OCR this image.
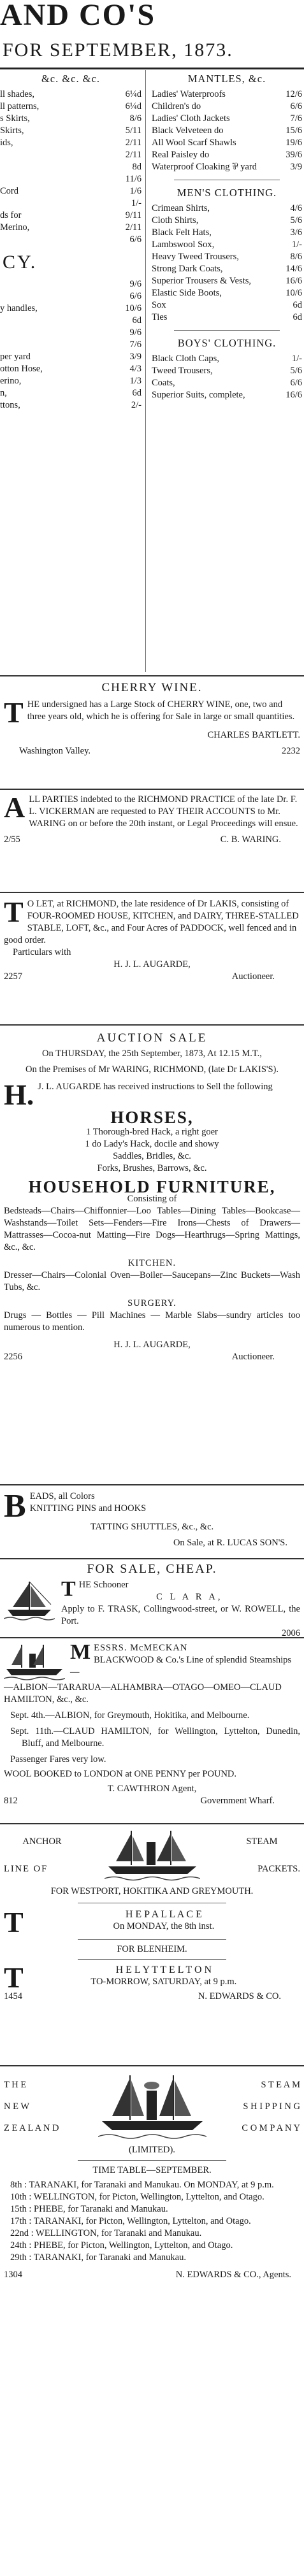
AND CO'S
FOR SEPTEMBER, 1873.
&c. &c. &c.
ll shades,	6¼d
ll patterns,	6¼d
s Skirts,	8/6
Skirts,	5/11
ids,	2/11
2/11
8d
11/6
Cord	1/6
1/-
ds for	9/11
Merino,	2/11
6/6
CY.
9/6
6/6
y handles,	10/6
6d
9/6
7/6
per yard	3/9
otton Hose,	4/3
erino,	1/3
n,	6d
ttons,	2/-
MANTLES, &c.
Ladies' Waterproofs	12/6
Children's do	6/6
Ladies' Cloth Jackets	7/6
Black Velveteen do	15/6
All Wool Scarf Shawls	19/6
Real Paisley do	39/6
Waterproof Cloaking ⅌ yard	3/9
MEN'S CLOTHING.
Crimean Shirts,	4/6
Cloth Shirts,	5/6
Black Felt Hats,	3/6
Lambswool Sox,	1/-
Heavy Tweed Trousers,	8/6
Strong Dark Coats,	14/6
Superior Trousers & Vests,	16/6
Elastic Side Boots,	10/6
Sox	6d
Ties	6d
BOYS' CLOTHING.
Black Cloth Caps,	1/-
Tweed Trousers,	5/6
Coats,	6/6
Superior Suits, complete,	16/6
CHERRY WINE.
T HE undersigned has a Large Stock of CHERRY WINE, one, two and three years old, which he is offering for Sale in large or small quantities.
CHARLES BARTLETT.
Washington Valley.	2232
A LL PARTIES indebted to the RICHMOND PRACTICE of the late Dr. F. L. VICKERMAN are requested to PAY THEIR ACCOUNTS to Mr. WARING on or before the 20th instant, or Legal Proceedings will ensue.
2/55	C. B. WARING.
T O LET, at RICHMOND, the late residence of Dr LAKIS, consisting of FOUR-ROOMED HOUSE, KITCHEN, and DAIRY, THREE-STALLED STABLE, LOFT, &c., and Four Acres of PADDOCK, well fenced and in good order.
Particulars with
H. J. L. AUGARDE,
2257	Auctioneer.
AUCTION SALE
On THURSDAY, the 25th September, 1873, At 12.15 M.T.,
On the Premises of Mr WARING, RICHMOND, (late Dr LAKIS'S).
H. J. L. AUGARDE has received instructions to Sell the following
HORSES,
1 Thorough-bred Hack, a right goer
1 do Lady's Hack, docile and showy
Saddles, Bridles, &c.
Forks, Brushes, Barrows, &c.
HOUSEHOLD FURNITURE,
Consisting of
Bedsteads—Chairs—Chiffonnier—Loo Tables—Dining Tables—Bookcase—Washstands—Toilet Sets—Fenders—Fire Irons—Chests of Drawers—Mattrasses—Cocoa-nut Matting—Fire Dogs—Hearthrugs—Spring Mattings, &c., &c.
KITCHEN.
Dresser—Chairs—Colonial Oven—Boiler—Saucepans—Zinc Buckets—Wash Tubs, &c.
SURGERY.
Drugs — Bottles — Pill Machines — Marble Slabs—sundry articles too numerous to mention.
H. J. L. AUGARDE,
2256	Auctioneer.
B EADS, all Colors
KNITTING PINS and HOOKS
TATTING SHUTTLES, &c., &c.
On Sale, at R. LUCAS SON'S.
FOR SALE, CHEAP.
T HE Schooner
C L A R A,
Apply to F. TRASK, Collingwood-street, or W. ROWELL, the Port.
2006
M ESSRS. McMECKAN
BLACKWOOD & Co.'s Line of splendid Steamships—
—ALBION—TARARUA—ALHAMBRA—OTAGO—OMEO—CLAUD HAMILTON, &c., &c.
Sept. 4th.—ALBION, for Greymouth, Hokitika, and Melbourne.
Sept. 11th.—CLAUD HAMILTON, for Wellington, Lyttelton, Dunedin, Bluff, and Melbourne.
Passenger Fares very low.
WOOL BOOKED to LONDON at ONE PENNY per POUND.
T. CAWTHRON Agent,
812	Government Wharf.
ANCHOR
LINE OF
STEAM
PACKETS.
FOR WESTPORT, HOKITIKA AND GREYMOUTH.
T	H E P A L L A C E
On MONDAY, the 8th inst.
FOR BLENHEIM.
T	H E L Y T T E L T O N
TO-MORROW, SATURDAY, at 9 p.m.
1454	N. EDWARDS & CO.
T H E
N E W
Z E A L A N D
S T E A M
S H I P P I N G
C O M P A N Y
(LIMITED).
TIME TABLE—SEPTEMBER.
8th : TARANAKI, for Taranaki and Manukau. On MONDAY, at 9 p.m.
10th : WELLINGTON, for Picton, Wellington, Lyttelton, and Otago.
15th : PHEBE, for Taranaki and Manukau.
17th : TARANAKI, for Picton, Wellington, Lyttelton, and Otago.
22nd : WELLINGTON, for Taranaki and Manukau.
24th : PHEBE, for Picton, Wellington, Lyttelton, and Otago.
29th : TARANAKI, for Taranaki and Manukau.
1304	N. EDWARDS & CO., Agents.
